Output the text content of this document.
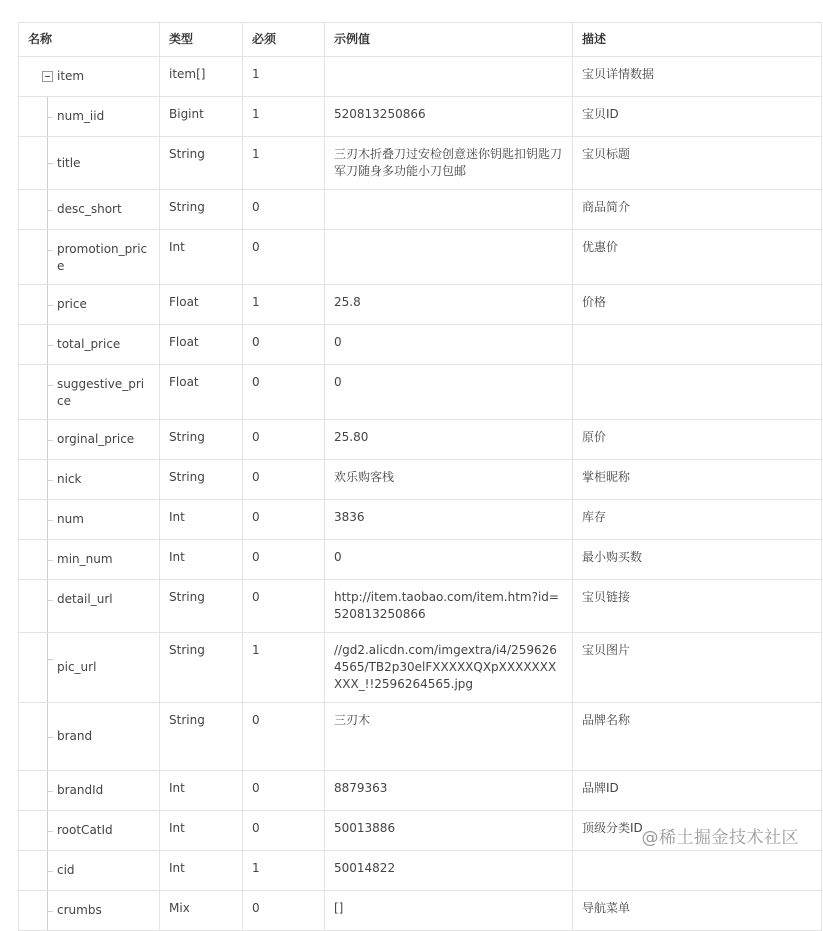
名称	类型	必须	示例值	描述
item	item[]	1		宝贝详情数据

num_iid	Bigint	1	520813250866	宝贝ID

title	String	1	三刃木折叠刀过安检创意迷你钥匙扣钥匙刀军刀随身多功能小刀包邮	宝贝标题

desc_short	String	0		商品简介

promotion_price	Int	0		优惠价

price	Float	1	25.8	价格

total_price	Float	0	0	

suggestive_price	Float	0	0	

orginal_price	String	0	25.80	原价

nick	String	0	欢乐购客栈	掌柜昵称

num	Int	0	3836	库存

min_num	Int	0	0	最小购买数

detail_url	String	0	http://item.taobao.com/item.htm?id=520813250866	宝贝链接

pic_url	String	1	//gd2.alicdn.com/imgextra/i4/2596264565/TB2p30elFXXXXXQXpXXXXXXXXXX_!!2596264565.jpg	宝贝图片

brand	String	0	三刃木	品牌名称

brandId	Int	0	8879363	品牌ID

rootCatId	Int	0	50013886	顶级分类ID

cid	Int	1	50014822	

crumbs	Mix	0	[]	导航菜单
@稀土掘金技术社区
